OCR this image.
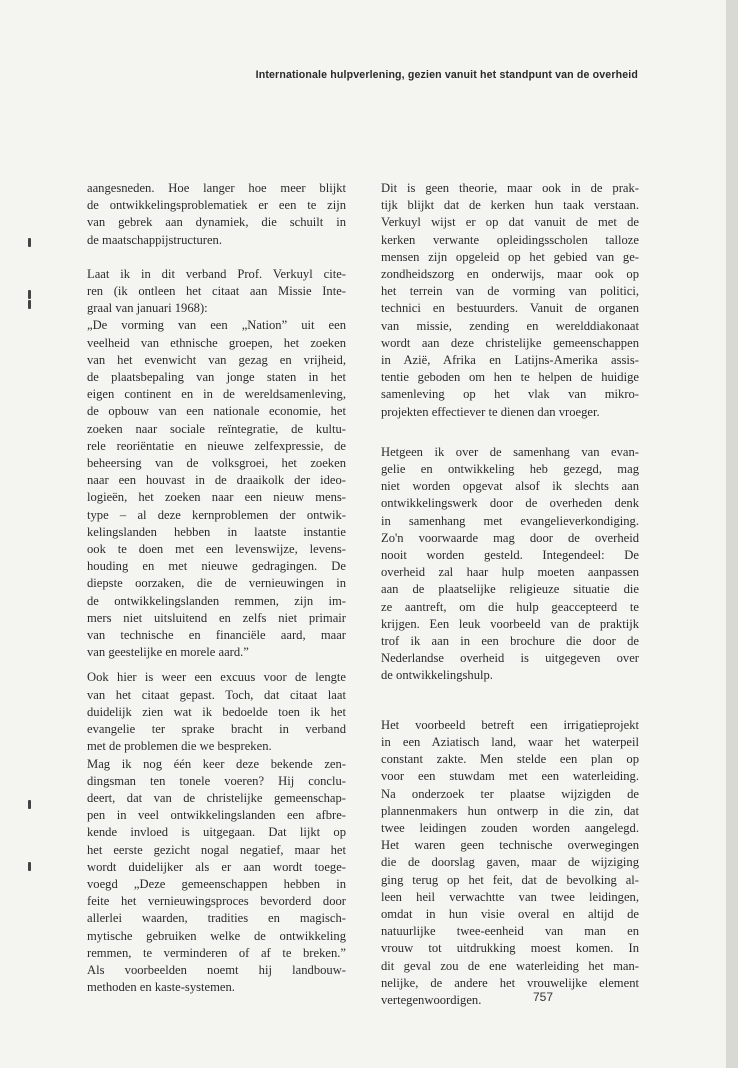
Internationale hulpverlening, gezien vanuit het standpunt van de overheid

aangesneden. Hoe langer hoe meer blijkt
de ontwikkelingsproblematiek er een te zijn
van gebrek aan dynamiek, die schuilt in
de maatschappijstructuren.

Laat ik in dit verband Prof. Verkuyl cite-
ren (ik ontleen het citaat aan Missie Inte-
graal van januari 1968):
„De vorming van een „Nation” uit een
veelheid van ethnische groepen, het zoeken
van het evenwicht van gezag en vrijheid,
de plaatsbepaling van jonge staten in het
eigen continent en in de wereldsamenleving,
de opbouw van een nationale economie, het
zoeken naar sociale reïntegratie, de kultu-
rele reoriëntatie en nieuwe zelfexpressie, de
beheersing van de volksgroei, het zoeken
naar een houvast in de draaikolk der ideo-
logieën, het zoeken naar een nieuw mens-
type – al deze kernproblemen der ontwik-
kelingslanden hebben in laatste instantie
ook te doen met een levenswijze, levens-
houding en met nieuwe gedragingen. De
diepste oorzaken, die de vernieuwingen in
de ontwikkelingslanden remmen, zijn im-
mers niet uitsluitend en zelfs niet primair
van technische en financiële aard, maar
van geestelijke en morele aard.”

Ook hier is weer een excuus voor de lengte
van het citaat gepast. Toch, dat citaat laat
duidelijk zien wat ik bedoelde toen ik het
evangelie ter sprake bracht in verband
met de problemen die we bespreken.
Mag ik nog één keer deze bekende zen-
dingsman ten tonele voeren? Hij conclu-
deert, dat van de christelijke gemeenschap-
pen in veel ontwikkelingslanden een afbre-
kende invloed is uitgegaan. Dat lijkt op
het eerste gezicht nogal negatief, maar het
wordt duidelijker als er aan wordt toege-
voegd „Deze gemeenschappen hebben in
feite het vernieuwingsproces bevorderd door
allerlei waarden, tradities en magisch-
mytische gebruiken welke de ontwikkeling
remmen, te verminderen of af te breken.”
Als voorbeelden noemt hij landbouw-
methoden en kaste-systemen.

Dit is geen theorie, maar ook in de prak-
tijk blijkt dat de kerken hun taak verstaan.
Verkuyl wijst er op dat vanuit de met de
kerken verwante opleidingsscholen talloze
mensen zijn opgeleid op het gebied van ge-
zondheidszorg en onderwijs, maar ook op
het terrein van de vorming van politici,
technici en bestuurders. Vanuit de organen
van missie, zending en werelddiakonaat
wordt aan deze christelijke gemeenschappen
in Azië, Afrika en Latijns-Amerika assis-
tentie geboden om hen te helpen de huidige
samenleving op het vlak van mikro-
projekten effectiever te dienen dan vroeger.

Hetgeen ik over de samenhang van evan-
gelie en ontwikkeling heb gezegd, mag
niet worden opgevat alsof ik slechts aan
ontwikkelingswerk door de overheden denk
in samenhang met evangelieverkondiging.
Zo'n voorwaarde mag door de overheid
nooit worden gesteld. Integendeel: De
overheid zal haar hulp moeten aanpassen
aan de plaatselijke religieuze situatie die
ze aantreft, om die hulp geaccepteerd te
krijgen. Een leuk voorbeeld van de praktijk
trof ik aan in een brochure die door de
Nederlandse overheid is uitgegeven over
de ontwikkelingshulp.

Het voorbeeld betreft een irrigatieprojekt
in een Aziatisch land, waar het waterpeil
constant zakte. Men stelde een plan op
voor een stuwdam met een waterleiding.
Na onderzoek ter plaatse wijzigden de
plannenmakers hun ontwerp in die zin, dat
twee leidingen zouden worden aangelegd.
Het waren geen technische overwegingen
die de doorslag gaven, maar de wijziging
ging terug op het feit, dat de bevolking al-
leen heil verwachtte van twee leidingen,
omdat in hun visie overal en altijd de
natuurlijke twee-eenheid van man en
vrouw tot uitdrukking moest komen. In
dit geval zou de ene waterleiding het man-
nelijke, de andere het vrouwelijke element
vertegenwoordigen.	757
